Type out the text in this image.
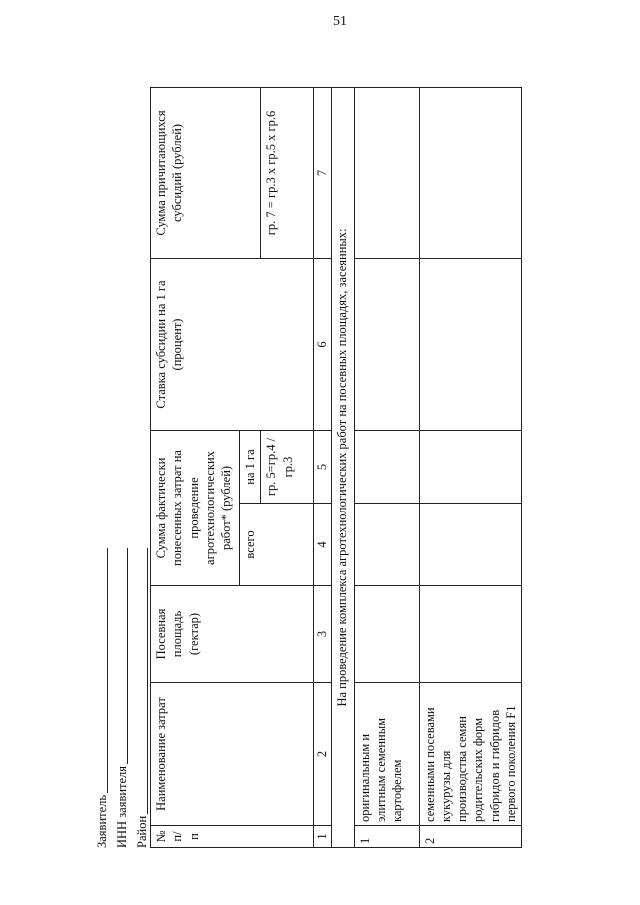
51
Заявитель ИНН заявителя Район № п/п	Наименование затрат	Посевная площадь (гектар)	Сумма фактически понесенных затрат на проведение агротехнологических работ* (рублей)		Ставка субсидии на 1 га (процент)	Сумма причитающихся субсидий (рублей)
			всего	на 1 га		
				гр. 5=гр.4 / гр.3		гр. 7 = гр.3 х гр.5 х гр.6
1	2	3	4	5	6	7
На проведение комплекса агротехнологических работ на посевных площадях, засеянных:						
1	оригинальным и элитным семенным картофелем					
2	семенными посевами кукурузы для производства семян родительских форм гибридов и гибридов первого поколения F1					
